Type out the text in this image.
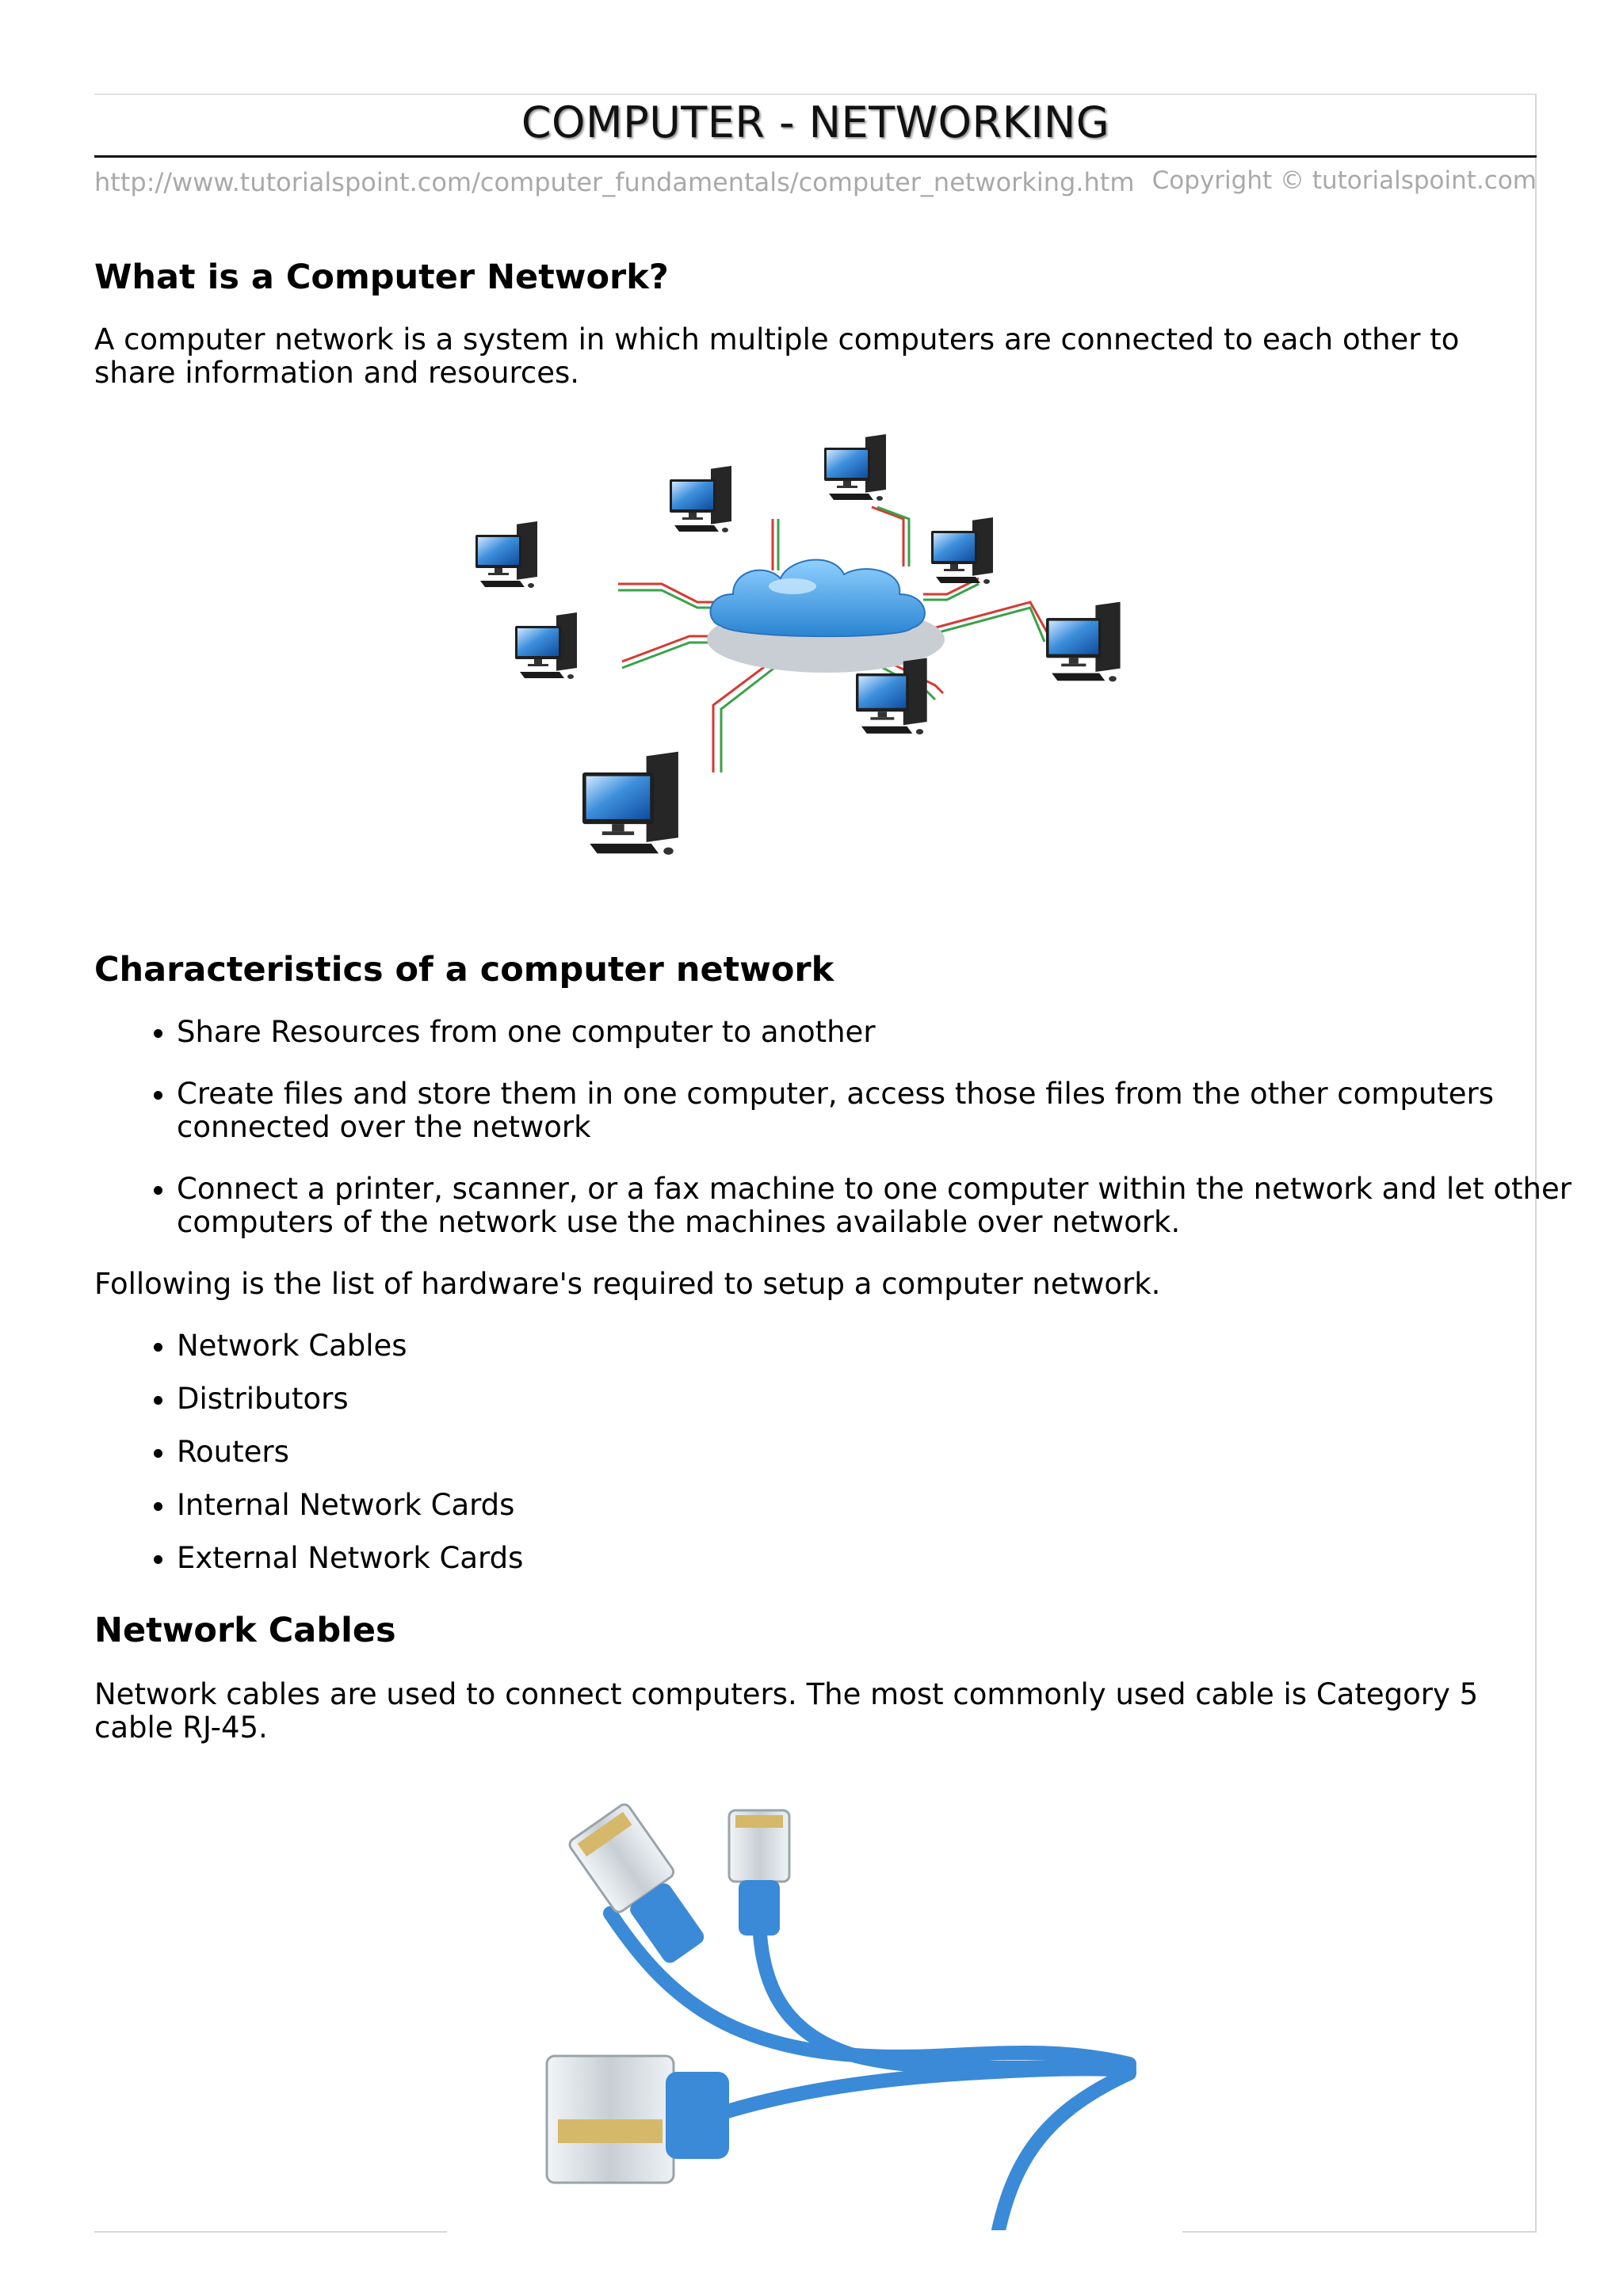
COMPUTER - NETWORKING
http://www.tutorialspoint.com/computer_fundamentals/computer_networking.htm Copyright © tutorialspoint.com
What is a Computer Network?

A computer network is a system in which multiple computers are connected to each other to share information and resources.

Characteristics of a computer network
• Share Resources from one computer to another
• Create files and store them in one computer, access those files from the other computers connected over the network
• Connect a printer, scanner, or a fax machine to one computer within the network and let other computers of the network use the machines available over network.

Following is the list of hardware's required to setup a computer network.

• Network Cables
• Distributors
• Routers
• Internal Network Cards
• External Network Cards
Network Cables

Network cables are used to connect computers. The most commonly used cable is Category 5 cable RJ-45.
